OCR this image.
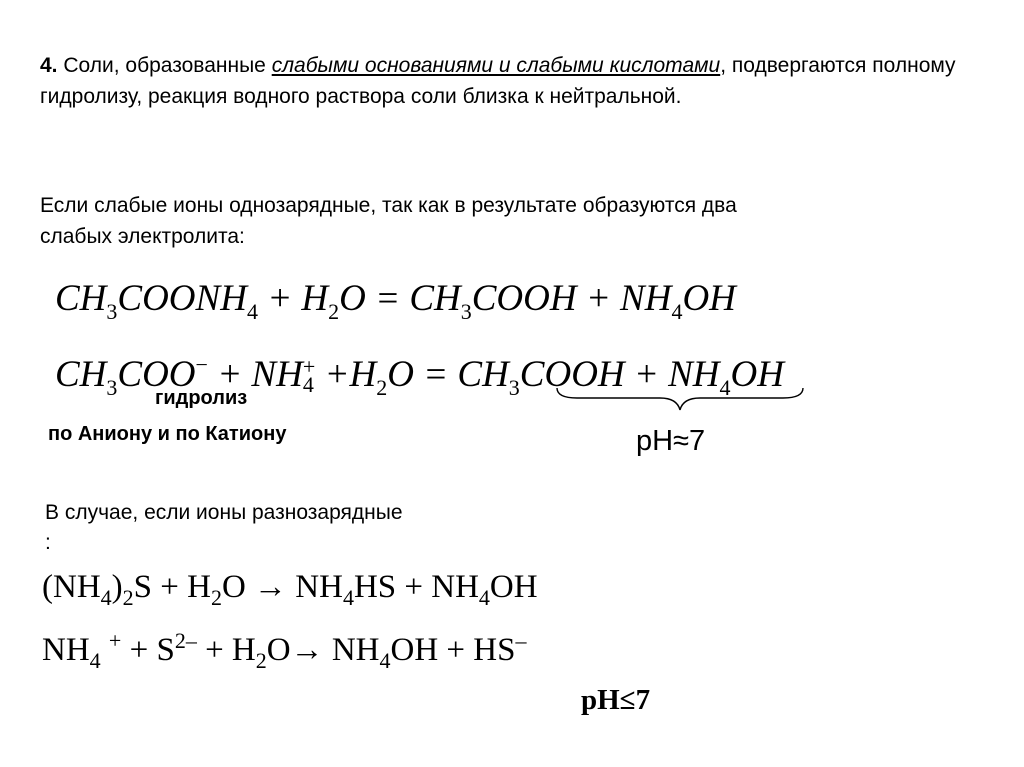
4. Соли, образованные слабыми основаниями и слабыми кислотами, подвергаются полному гидролизу, реакция водного раствора соли близка к нейтральной.
Если слабые ионы однозарядные, так как в результате образуются два
слабых электролита:
$CH_3COONH_4 + H_2O$ = $CH_3COOH + NH_4OH$
$CH_3COO^-$ + NH +
$4 +H_2O$ = $CH_3COOH + NH_4OH$
гидролиз
по Аниону и по Катиону	pH≈7
В случае, если ионы разнозарядные
:
$(NH_4)_2S + H_2O \to NH_4HS + NH_4OH$
$NH_4$ $^+ + S^{2-} + H_2O\to NH_4OH + HS^-$
pH≤7
